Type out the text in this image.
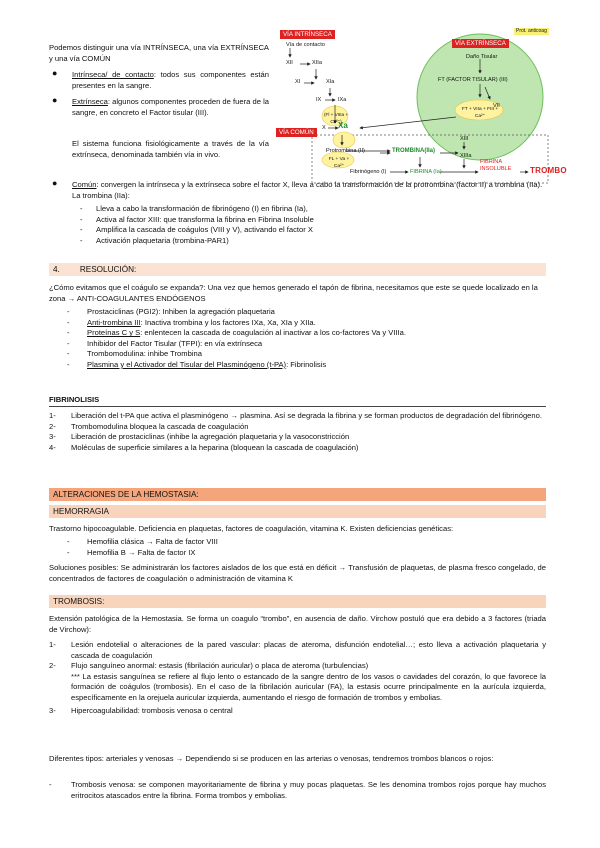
Podemos distinguir una vía INTRÍNSECA, una vía EXTRÍNSECA y una vía COMÚN
● Intrínseca/ de contacto: todos sus componentes están presentes en la sangre.
● Extrínseca: algunos componentes proceden de fuera de la sangre, en concreto el Factor tisular (III).
El sistema funciona fisiológicamente a través de la vía extrínseca, denominada también vía in vivo.
● Común: convergen la intrínseca y la extrínseca sobre el factor X, lleva a cabo la transformación de la protrombina (factor II) a trombina (IIa). La trombina (IIa):
- Lleva a cabo la transformación de fibrinógeno (I) en fibrina (Ia),
- Activa al factor XIII: que transforma la fibrina en Fibrina Insoluble
- Amplifica la cascada de coágulos (VIII y V), activando el factor X
- Activación plaquetaria (trombina-PAR1)
Prot. anticoag
VÍA INTRÍNSECA
VÍA EXTRÍNSECA
VÍA COMÚN
Vía de contacto
XII	XIIa
XI	XIa
IX	IXa
(Fl + VIIIa + Ca²⁺)
Daño Tisular
FT (FACTOR TISULAR) (III)
FT + VIIa + FIII + Ca²⁺
VII
X Xa
FL + Va + Ca²⁺
Protrombina (II)	TROMBINA(IIa)
XIII
XIIIa
Fibrinógeno (I)	FIBRINA (Ia)
FIBRINA INSOLUBLE	TROMBO
4. RESOLUCIÓN:
¿Cómo evitamos que el coágulo se expanda?: Una vez que hemos generado el tapón de fibrina, necesitamos que este se quede localizado en la zona → ANTI-COAGULANTES ENDÓGENOS
- Prostaciclinas (PGI2): Inhiben la agregación plaquetaria
- Anti-trombina III: Inactiva trombina y los factores IXa, Xa, XIa y XIIa.
- Proteínas C y S: enlentecen la cascada de coagulación al inactivar a los co-factores Va y VIIIa.
- Inhibidor del Factor Tisular (TFPI): en vía extrínseca
- Trombomodulina: inhibe Trombina
- Plasmina y el Activador del Tisular del Plasminógeno (t-PA): Fibrinolisis
FIBRINOLISIS
1-	Liberación del t-PA que activa el plasminógeno → plasmina. Así se degrada la fibrina y se forman productos de degradación del fibrinógeno.
2-	Trombomodulina bloquea la cascada de coagulación
3-	Liberación de prostaciclinas (inhibe la agregación plaquetaria y la vasoconstricción
4-	Moléculas de superficie similares a la heparina (bloquean la cascada de coagulación)
ALTERACIONES DE LA HEMOSTASIA:
HEMORRAGIA
Trastorno hipocoagulable. Deficiencia en plaquetas, factores de coagulación, vitamina K. Existen deficiencias genéticas:
- Hemofilia clásica → Falta de factor VIII
- Hemofilia B → Falta de factor IX
Soluciones posibles: Se administrarán los factores aislados de los que está en déficit → Transfusión de plaquetas, de plasma fresco congelado, de concentrados de factores de coagulación o administración de vitamina K
TROMBOSIS:
Extensión patológica de la Hemostasia. Se forma un coagulo “trombo”, en ausencia de daño. Virchow postuló que era debido a 3 factores (triada de Virchow):
1-	Lesión endotelial o alteraciones de la pared vascular: placas de ateroma, disfunción endotelial…; esto lleva a activación plaquetaria y cascada de coagulación
2-	Flujo sanguíneo anormal: estasis (fibrilación auricular) o placa de ateroma (turbulencias)
*** La estasis sanguínea se refiere al flujo lento o estancado de la sangre dentro de los vasos o cavidades del corazón, lo que favorece la formación de coágulos (trombosis). En el caso de la fibrilación auricular (FA), la estasis ocurre principalmente en la aurícula izquierda, específicamente en la orejuela auricular izquierda, aumentando el riesgo de formación de trombos y embolias.
3-	Hipercoagulabilidad: trombosis venosa o central
Diferentes tipos: arteriales y venosas → Dependiendo si se producen en las arterias o venosas, tendremos trombos blancos o rojos:
-	Trombosis venosa: se componen mayoritariamente de fibrina y muy pocas plaquetas. Se les denomina trombos rojos porque hay muchos eritrocitos atascados entre la fibrina. Forma trombos y embolias.
